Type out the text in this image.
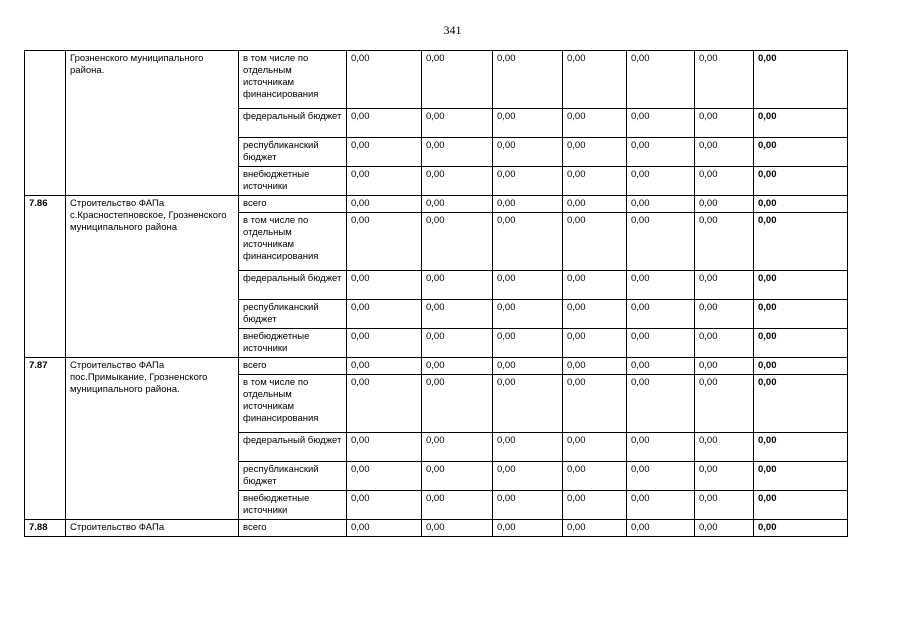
341
	Грозненского муниципального района.	в том числе по отдельным источникам финансирования	0,00	0,00	0,00	0,00	0,00	0,00	0,00
		федеральный бюджет	0,00	0,00	0,00	0,00	0,00	0,00	0,00
		республиканский бюджет	0,00	0,00	0,00	0,00	0,00	0,00	0,00
		внебюджетные источники	0,00	0,00	0,00	0,00	0,00	0,00	0,00
7.86	Строительство ФАПа с.Красностепновское, Грозненского муниципального района	всего	0,00	0,00	0,00	0,00	0,00	0,00	0,00
		в том числе по отдельным источникам финансирования	0,00	0,00	0,00	0,00	0,00	0,00	0,00
		федеральный бюджет	0,00	0,00	0,00	0,00	0,00	0,00	0,00
		республиканский бюджет	0,00	0,00	0,00	0,00	0,00	0,00	0,00
		внебюджетные источники	0,00	0,00	0,00	0,00	0,00	0,00	0,00
7.87	Строительство ФАПа пос.Примыкание, Грозненского муниципального района.	всего	0,00	0,00	0,00	0,00	0,00	0,00	0,00
		в том числе по отдельным источникам финансирования	0,00	0,00	0,00	0,00	0,00	0,00	0,00
		федеральный бюджет	0,00	0,00	0,00	0,00	0,00	0,00	0,00
		республиканский бюджет	0,00	0,00	0,00	0,00	0,00	0,00	0,00
		внебюджетные источники	0,00	0,00	0,00	0,00	0,00	0,00	0,00
7.88	Строительство ФАПа	всего	0,00	0,00	0,00	0,00	0,00	0,00	0,00
